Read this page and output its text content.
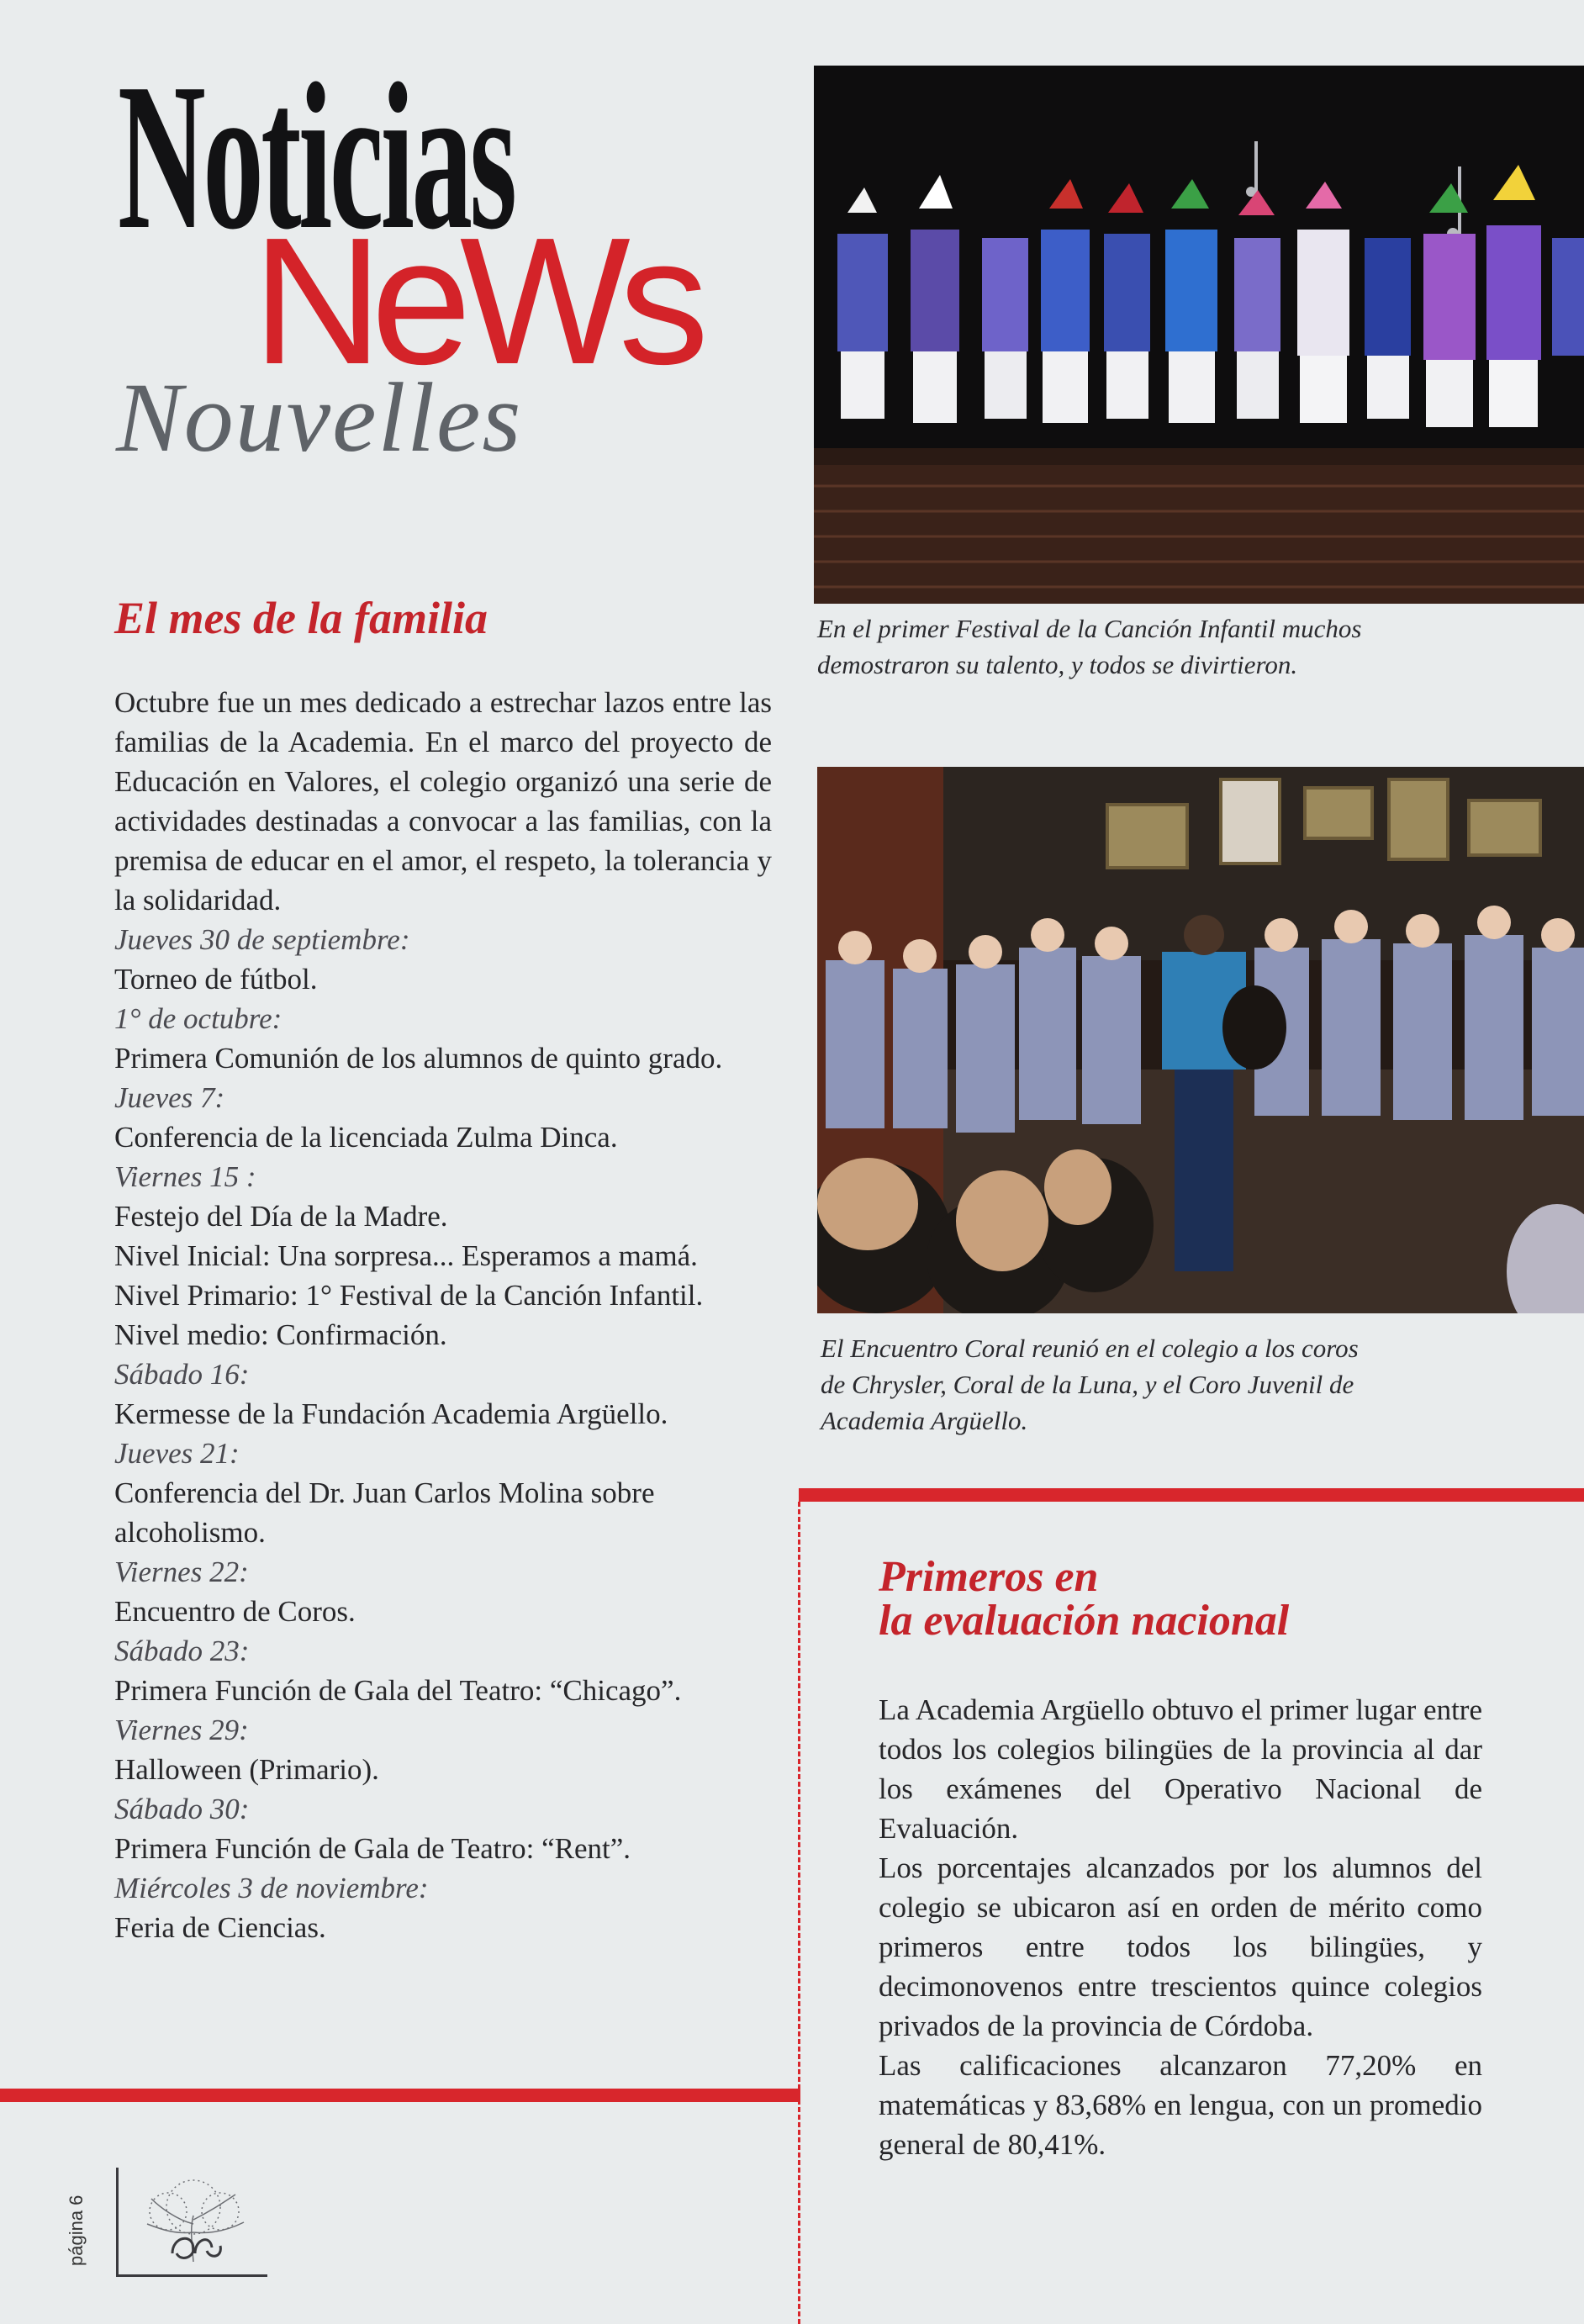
Noticias
NeWs
Nouvelles
En el primer Festival de la Canción Infantil muchos
demostraron su talento, y todos se divirtieron.
El Encuentro Coral reunió en el colegio a los coros
de Chrysler, Coral de la Luna, y el Coro Juvenil de
Academia Argüello.
El mes de la familia

Octubre fue un mes dedicado a estrechar lazos entre las familias de la Academia. En el marco del proyecto de Educación en Valores, el colegio organizó una serie de actividades destinadas a convocar a las familias, con la premisa de educar en el amor, el respeto, la tolerancia y la solidaridad.

Jueves 30 de septiembre:
Torneo de fútbol.
1° de octubre:
Primera Comunión de los alumnos de quinto grado.
Jueves 7:
Conferencia de la licenciada Zulma Dinca.
Viernes 15 :
Festejo del Día de la Madre.
Nivel Inicial: Una sorpresa... Esperamos a mamá.
Nivel Primario: 1° Festival de la Canción Infantil.
Nivel medio: Confirmación.
Sábado 16:
Kermesse de la Fundación Academia Argüello.
Jueves 21:
Conferencia del Dr. Juan Carlos Molina sobre alcoholismo.
Viernes 22:
Encuentro de Coros.
Sábado 23:
Primera Función de Gala del Teatro: “Chicago”.
Viernes 29:
Halloween (Primario).
Sábado 30:
Primera Función de Gala de Teatro: “Rent”.
Miércoles 3 de noviembre:
Feria de Ciencias.
Primeros en
la evaluación nacional

La Academia Argüello obtuvo el primer lugar entre todos los colegios bilingües de la provincia al dar los exámenes del Operativo Nacional de Evaluación.

Los porcentajes alcanzados por los alumnos del colegio se ubicaron así en orden de mérito como primeros entre todos los bilingües, y decimonovenos entre trescientos quince colegios privados de la provincia de Córdoba.

Las calificaciones alcanzaron 77,20% en matemáticas y 83,68% en lengua, con un promedio general de 80,41%.

página 6
